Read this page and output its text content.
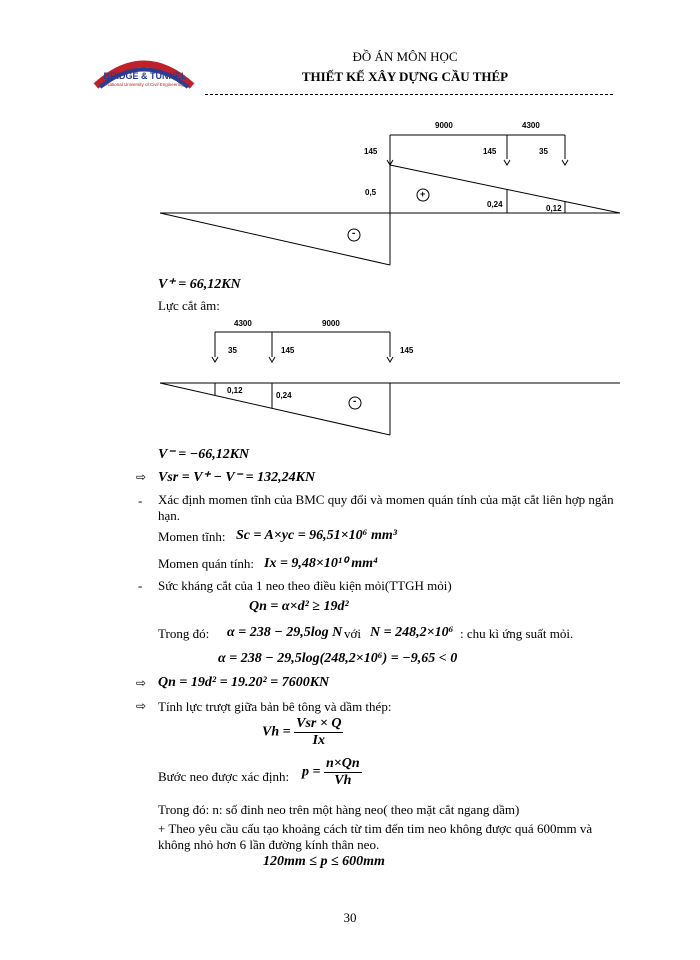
BRIDGE & TUNNEL
National University of Civil Engineering
ĐỒ ÁN MÔN HỌC
THIẾT KẾ XÂY DỰNG CẦU THÉP
9000	4300
145	145	35
0,5
0,24	0,12
+
-
V⁺ = 66,12KN
Lực cắt âm:
4300	9000
35	145	145
0,12
0,24
-
V⁻ = −66,12KN
⇨ Vsr = V⁺ − V⁻ = 132,24KN
- Xác định momen tĩnh của BMC quy đổi và momen quán tính của mặt cắt liên hợp ngắn hạn.
Momen tĩnh: Sc = A×yc = 96,51×10⁶ mm³
Momen quán tính: Ix = 9,48×10¹⁰ mm⁴
- Sức kháng cắt của 1 neo theo điều kiện mỏi(TTGH mỏi)
Qn = α×d² ≥ 19d²
Trong đó: α = 238 − 29,5log N với N = 248,2×10⁶ : chu kì ứng suất mỏi.
α = 238 − 29,5log(248,2×10⁶) = −9,65 < 0
⇨ Qn = 19d² = 19.20² = 7600KN
⇨ Tính lực trượt giữa bản bê tông và dầm thép:
$Vh = \frac{\text{Vsr × Q}}{Ix}$
Bước neo được xác định: $p = \frac{n\times Qn}{Vh}$
Trong đó: n: số đinh neo trên một hàng neo( theo mặt cắt ngang dầm)
+ Theo yêu cầu cấu tạo khoảng cách từ tim đến tim neo không được quá 600mm và không nhỏ hơn 6 lần đường kính thân neo.
120mm ≤ p ≤ 600mm
30
